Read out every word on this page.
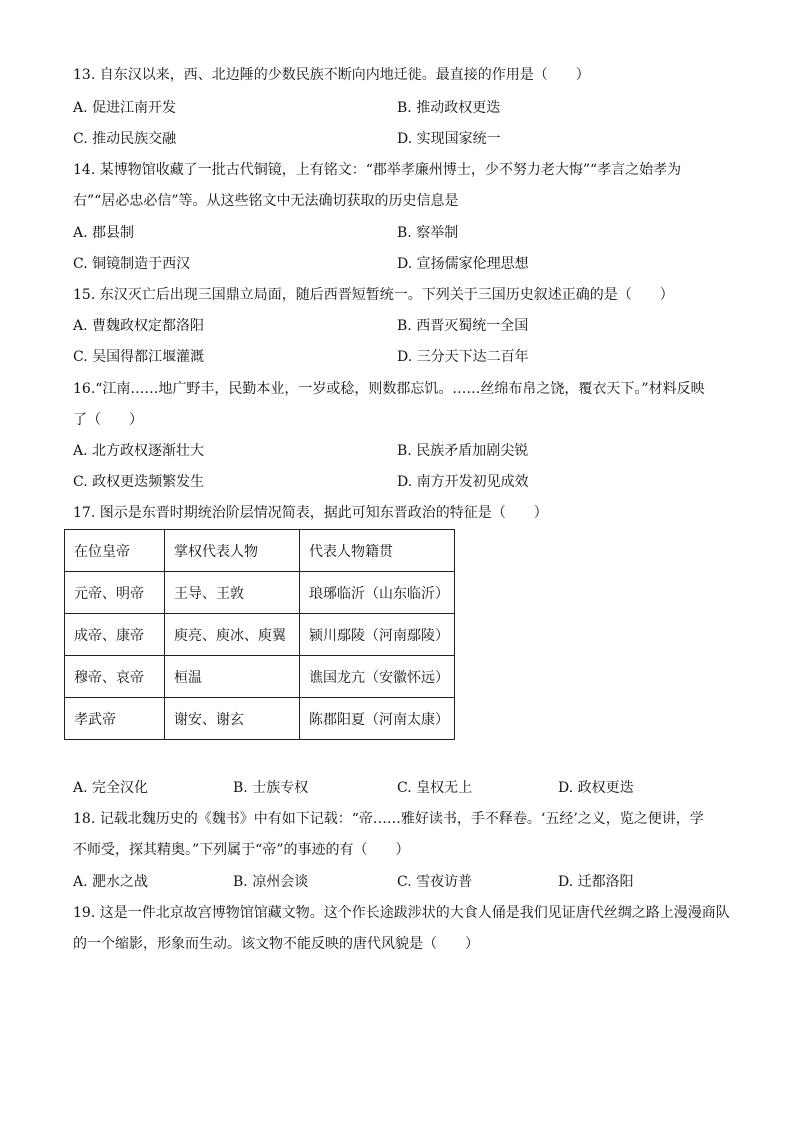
13. 自东汉以来，西、北边陲的少数民族不断向内地迁徙。最直接的作用是（　　）
A. 促进江南开发	B. 推动政权更迭
C. 推动民族交融	D. 实现国家统一
14. 某博物馆收藏了一批古代铜镜，上有铭文：“郡举孝廉州博士，少不努力老大悔”“孝言之始孝为
右”“居必忠必信”等。从这些铭文中无法确切获取的历史信息是
A. 郡县制	B. 察举制
C. 铜镜制造于西汉	D. 宣扬儒家伦理思想
15. 东汉灭亡后出现三国鼎立局面，随后西晋短暂统一。下列关于三国历史叙述正确的是（　　）
A. 曹魏政权定都洛阳	B. 西晋灭蜀统一全国
C. 吴国得都江堰灌溉	D. 三分天下达二百年
16.“江南……地广野丰，民勤本业，一岁或稔，则数郡忘饥。……丝绵布帛之饶，覆衣天下。”材料反映
了（　　）
A. 北方政权逐渐壮大	B. 民族矛盾加剧尖锐
C. 政权更迭频繁发生	D. 南方开发初见成效
17. 图示是东晋时期统治阶层情况简表，据此可知东晋政治的特征是（　　）
在位皇帝	掌权代表人物	代表人物籍贯
元帝、明帝	王导、王敦	琅琊临沂（山东临沂）
成帝、康帝	庾亮、庾冰、庾翼	颍川鄢陵（河南鄢陵）
穆帝、哀帝	桓温	谯国龙亢（安徽怀远）
孝武帝	谢安、谢玄	陈郡阳夏（河南太康）
A. 完全汉化	B. 士族专权	C. 皇权无上	D. 政权更迭
18. 记载北魏历史的《魏书》中有如下记载：“帝……雅好读书，手不释卷。‘五经’之义，览之便讲，学
不师受，探其精奥。”下列属于“帝”的事迹的有（　　）
A. 淝水之战	B. 凉州会谈	C. 雪夜访普	D. 迁都洛阳
19. 这是一件北京故宫博物馆馆藏文物。这个作长途跋涉状的大食人俑是我们见证唐代丝绸之路上漫漫商队
的一个缩影，形象而生动。该文物不能反映的唐代风貌是（　　）
